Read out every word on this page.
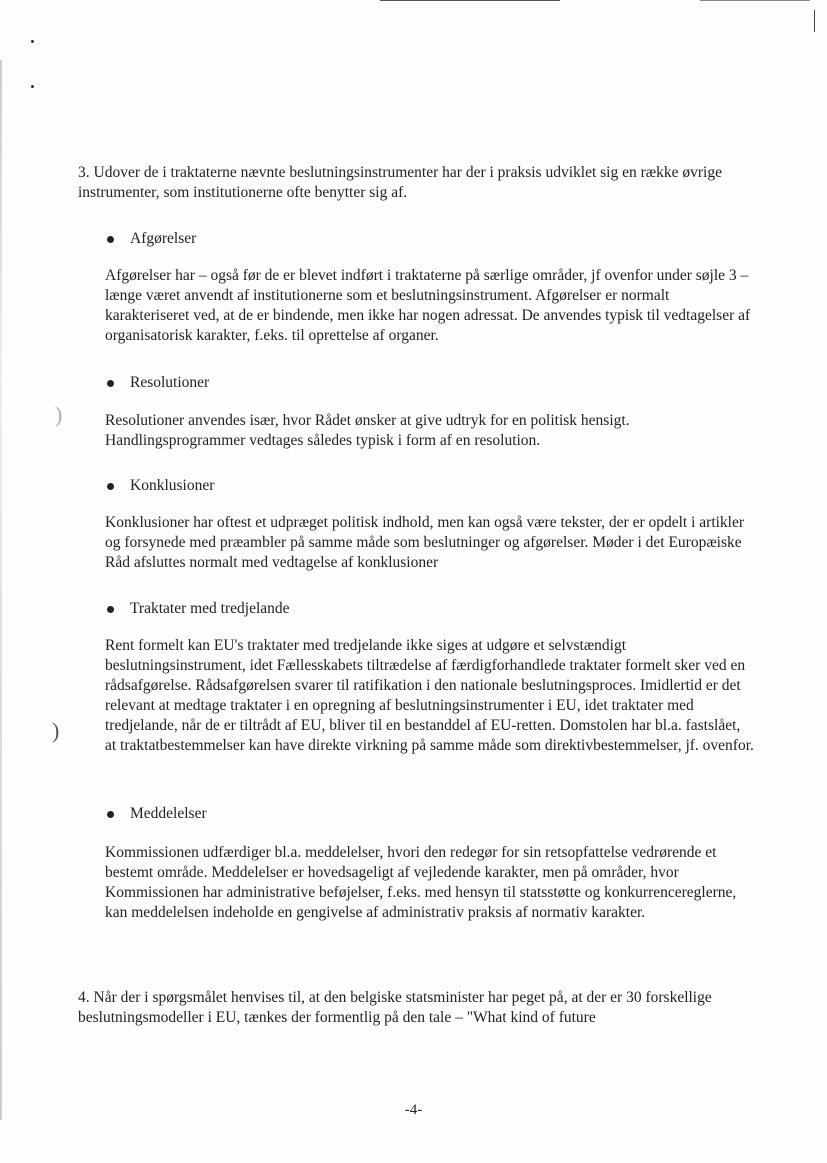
)
)

3. Udover de i traktaterne nævnte beslutningsinstrumenter har der i praksis udviklet sig en række øvrige instrumenter, som institutionerne ofte benytter sig af.

Afgørelser

Afgørelser har – også før de er blevet indført i traktaterne på særlige områder, jf ovenfor under søjle 3 – længe været anvendt af institutionerne som et beslutningsinstrument. Afgørelser er normalt karakteriseret ved, at de er bindende, men ikke har nogen adressat. De anvendes typisk til vedtagelser af organisatorisk karakter, f.eks. til oprettelse af organer.

Resolutioner

Resolutioner anvendes især, hvor Rådet ønsker at give udtryk for en politisk hensigt. Handlingsprogrammer vedtages således typisk i form af en resolution.

Konklusioner

Konklusioner har oftest et udpræget politisk indhold, men kan også være tekster, der er opdelt i artikler og forsynede med præambler på samme måde som beslutninger og afgørelser. Møder i det Europæiske Råd afsluttes normalt med vedtagelse af konklusioner

Traktater med tredjelande

Rent formelt kan EU's traktater med tredjelande ikke siges at udgøre et selvstændigt beslutningsinstrument, idet Fællesskabets tiltrædelse af færdigforhandlede traktater formelt sker ved en rådsafgørelse. Rådsafgørelsen svarer til ratifikation i den nationale beslutningsproces. Imidlertid er det relevant at medtage traktater i en opregning af beslutningsinstrumenter i EU, idet traktater med tredjelande, når de er tiltrådt af EU, bliver til en bestanddel af EU-retten. Domstolen har bl.a. fastslået, at traktatbestemmelser kan have direkte virkning på samme måde som direktivbestemmelser, jf. ovenfor.

Meddelelser

Kommissionen udfærdiger bl.a. meddelelser, hvori den redegør for sin retsopfattelse vedrørende et bestemt område. Meddelelser er hovedsageligt af vejledende karakter, men på områder, hvor Kommissionen har administrative beføjelser, f.eks. med hensyn til statsstøtte og konkurrencereglerne, kan meddelelsen indeholde en gengivelse af administrativ praksis af normativ karakter.

4. Når der i spørgsmålet henvises til, at den belgiske statsminister har peget på, at der er 30 forskellige beslutningsmodeller i EU, tænkes der formentlig på den tale – "What kind of future

-4-
